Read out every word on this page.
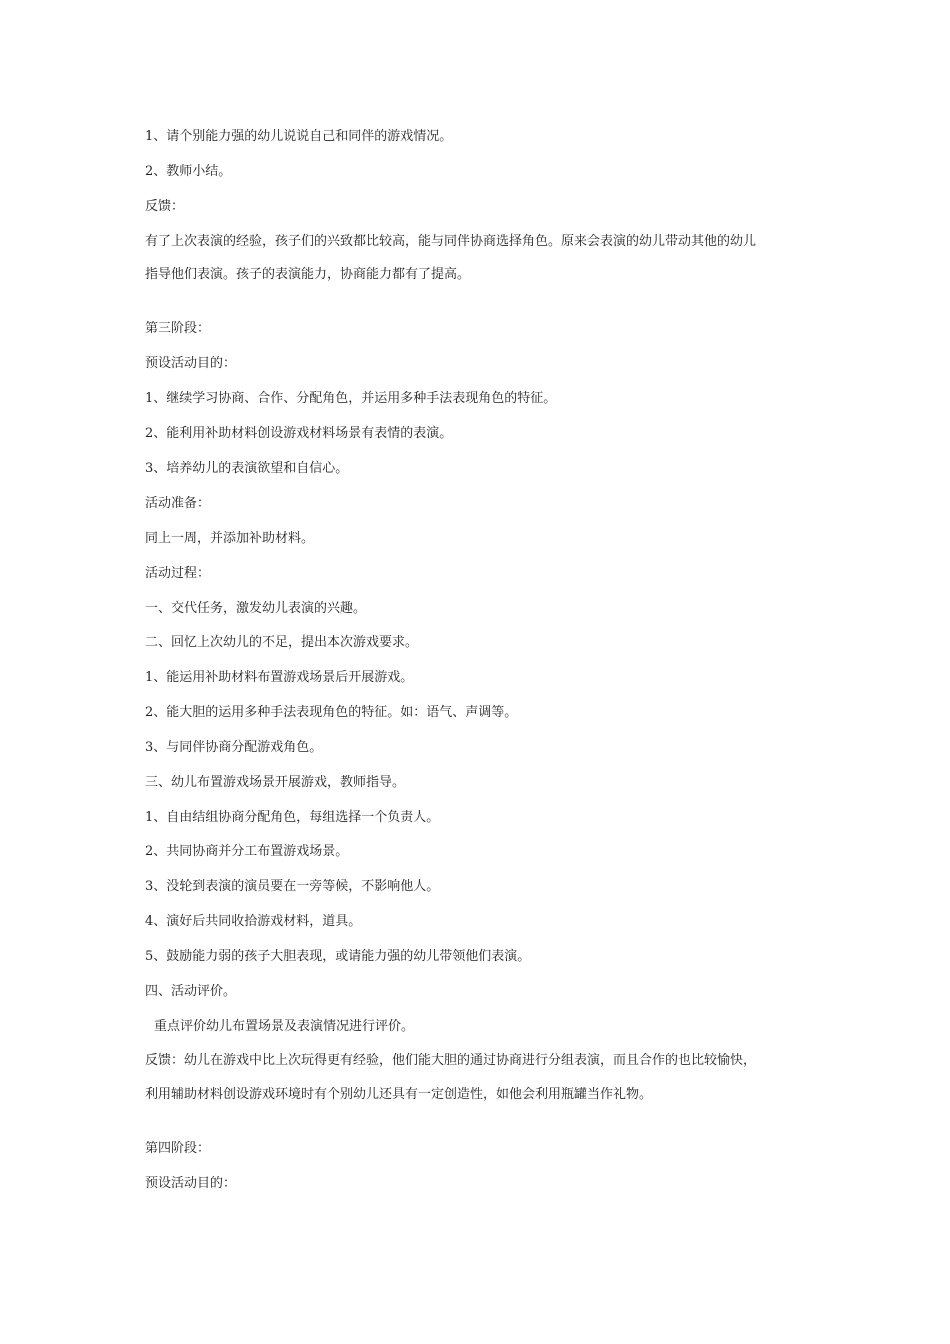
1、请个别能力强的幼儿说说自己和同伴的游戏情况。
2、教师小结。
反馈：
有了上次表演的经验，孩子们的兴致都比较高，能与同伴协商选择角色。原来会表演的幼儿带动其他的幼儿
指导他们表演。孩子的表演能力，协商能力都有了提高。
第三阶段：
预设活动目的：
1、继续学习协商、合作、分配角色，并运用多种手法表现角色的特征。
2、能利用补助材料创设游戏材料场景有表情的表演。
3、培养幼儿的表演欲望和自信心。
活动准备：
同上一周，并添加补助材料。
活动过程：
一、交代任务，激发幼儿表演的兴趣。
二、回忆上次幼儿的不足，提出本次游戏要求。
1、能运用补助材料布置游戏场景后开展游戏。
2、能大胆的运用多种手法表现角色的特征。如：语气、声调等。
3、与同伴协商分配游戏角色。
三、幼儿布置游戏场景开展游戏，教师指导。
1、自由结组协商分配角色，每组选择一个负责人。
2、共同协商并分工布置游戏场景。
3、没轮到表演的演员要在一旁等候，不影响他人。
4、演好后共同收拾游戏材料，道具。
5、鼓励能力弱的孩子大胆表现，或请能力强的幼儿带领他们表演。
四、活动评价。
重点评价幼儿布置场景及表演情况进行评价。
反馈：幼儿在游戏中比上次玩得更有经验，他们能大胆的通过协商进行分组表演，而且合作的也比较愉快，
利用辅助材料创设游戏环境时有个别幼儿还具有一定创造性，如他会利用瓶罐当作礼物。
第四阶段：
预设活动目的：
